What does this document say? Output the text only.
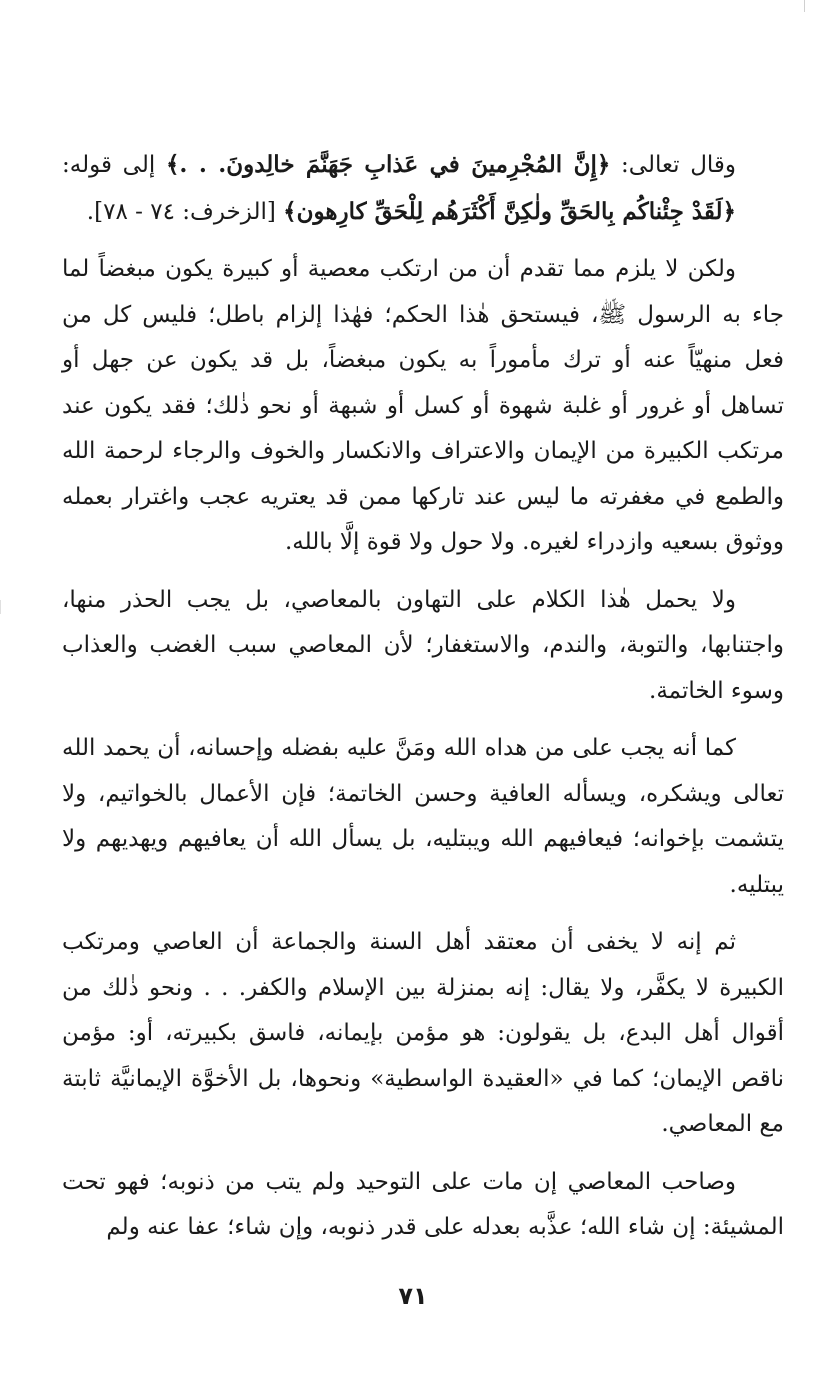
وقال تعالى: ﴿إِنَّ المُجْرِمينَ في عَذابِ جَهَنَّمَ خالِدونَ. . .﴾ إلى قوله: ﴿لَقَدْ جِئْناكُم بِالحَقِّ ولٰكِنَّ أَكْثَرَهُم لِلْحَقِّ كارِهون﴾ [الزخرف: ٧٤ - ٧٨].

ولكن لا يلزم مما تقدم أن من ارتكب معصية أو كبيرة يكون مبغضاً لما جاء به الرسول ﷺ، فيستحق هٰذا الحكم؛ فهٰذا إلزام باطل؛ فليس كل من فعل منهيّاً عنه أو ترك مأموراً به يكون مبغضاً، بل قد يكون عن جهل أو تساهل أو غرور أو غلبة شهوة أو كسل أو شبهة أو نحو ذٰلك؛ فقد يكون عند مرتكب الكبيرة من الإيمان والاعتراف والانكسار والخوف والرجاء لرحمة الله والطمع في مغفرته ما ليس عند تاركها ممن قد يعتريه عجب واغترار بعمله ووثوق بسعيه وازدراء لغيره. ولا حول ولا قوة إلَّا بالله.

ولا يحمل هٰذا الكلام على التهاون بالمعاصي، بل يجب الحذر منها، واجتنابها، والتوبة، والندم، والاستغفار؛ لأن المعاصي سبب الغضب والعذاب وسوء الخاتمة.

كما أنه يجب على من هداه الله ومَنَّ عليه بفضله وإحسانه، أن يحمد الله تعالى ويشكره، ويسأله العافية وحسن الخاتمة؛ فإن الأعمال بالخواتيم، ولا يتشمت بإخوانه؛ فيعافيهم الله ويبتليه، بل يسأل الله أن يعافيهم ويهديهم ولا يبتليه.

ثم إنه لا يخفى أن معتقد أهل السنة والجماعة أن العاصي ومرتكب الكبيرة لا يكفَّر، ولا يقال: إنه بمنزلة بين الإسلام والكفر. . . ونحو ذٰلك من أقوال أهل البدع، بل يقولون: هو مؤمن بإيمانه، فاسق بكبيرته، أو: مؤمن ناقص الإيمان؛ كما في «العقيدة الواسطية» ونحوها، بل الأخوَّة الإيمانيَّة ثابتة مع المعاصي.

وصاحب المعاصي إن مات على التوحيد ولم يتب من ذنوبه؛ فهو تحت المشيئة: إن شاء الله؛ عذَّبه بعدله على قدر ذنوبه، وإن شاء؛ عفا عنه ولم

٧١
